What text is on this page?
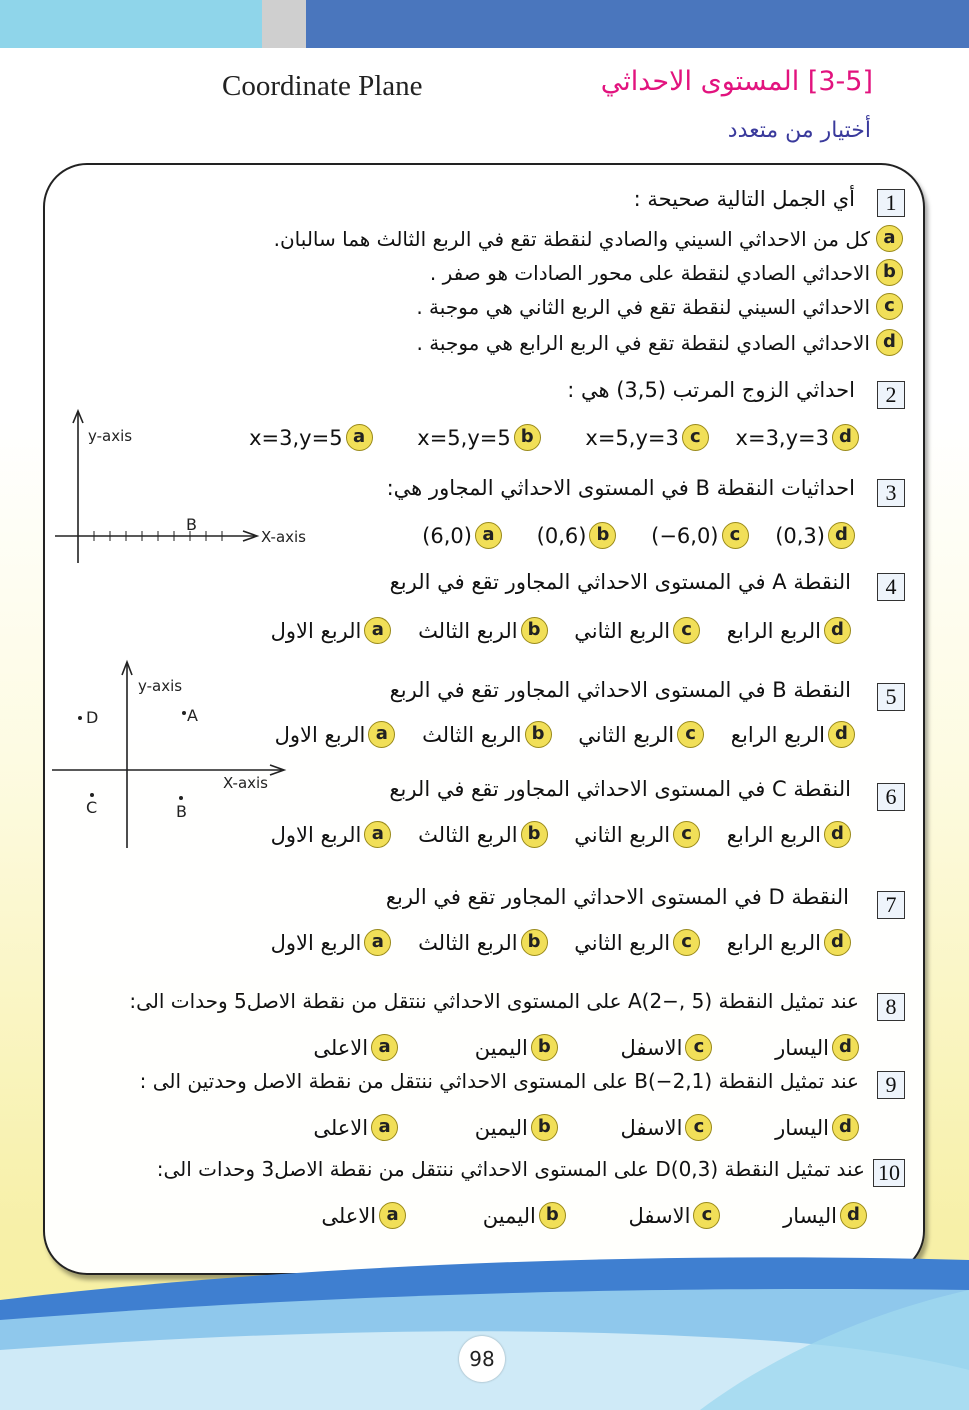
Coordinate Plane	[3-5] المستوى الاحداثي
أختيار من متعدد
1
أي الجمل التالية صحيحة :
a
كل من الاحداثي السيني والصادي لنقطة تقع في الربع الثالث هما سالبان.
b
الاحداثي الصادي لنقطة على محور الصادات هو صفر .
c
الاحداثي السيني لنقطة تقع في الربع الثاني هي موجبة .
d
الاحداثي الصادي لنقطة تقع في الربع الرابع هي موجبة .
2
احداثي الزوج المرتب (3,5) هي :
d
x=3,y=3

c
x=5,y=3

b
x=5,y=5

a
x=3,y=5
3
احداثيات النقطة B في المستوى الاحداثي المجاور هي:
d
(0,3)

c
(−6,0)

b
(0,6)

a
(6,0)
4
النقطة A في المستوى الاحداثي المجاور تقع في الربع
d
الربع الرابع

c
الربع الثاني

b
الربع الثالث

a
الربع الاول
5
النقطة B في المستوى الاحداثي المجاور تقع في الربع
d
الربع الرابع

c
الربع الثاني

b
الربع الثالث

a
الربع الاول
6
النقطة C في المستوى الاحداثي المجاور تقع في الربع
d
الربع الرابع

c
الربع الثاني

b
الربع الثالث

a
الربع الاول
7
النقطة D في المستوى الاحداثي المجاور تقع في الربع
d
الربع الرابع

c
الربع الثاني

b
الربع الثالث

a
الربع الاول
8
عند تمثيل النقطة A(2−, 5) على المستوى الاحداثي ننتقل من نقطة الاصل5 وحدات الى:
d
اليسار

c
الاسفل

b
اليمين

a
الاعلى
9
عند تمثيل النقطة B(−2,1) على المستوى الاحداثي ننتقل من نقطة الاصل وحدتين الى :
d
اليسار

c
الاسفل

b
اليمين

a
الاعلى
10
عند تمثيل النقطة D(0,3) على المستوى الاحداثي ننتقل من نقطة الاصل3 وحدات الى:
d
اليسار

c
الاسفل

b
اليمين

a
الاعلى
y-axis
B
X-axis
y-axis
X-axis
D	A
C	B
98
